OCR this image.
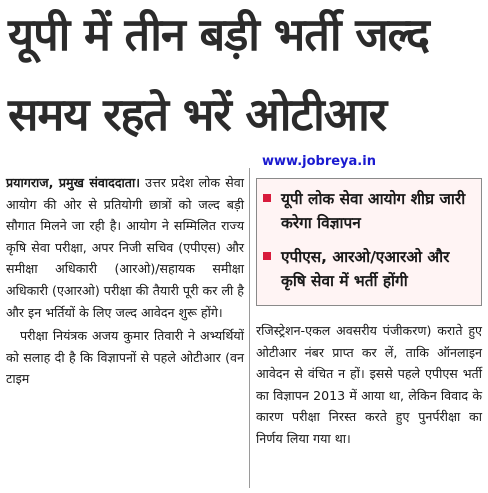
यूपी में तीन बड़ी भर्ती जल्द
समय रहते भरें ओटीआर

प्रयागराज, प्रमुख संवाददाता। उत्तर प्रदेश लोक सेवा आयोग की ओर से प्रतियोगी छात्रों को जल्द बड़ी सौगात मिलने जा रही है। आयोग ने सम्मिलित राज्य कृषि सेवा परीक्षा, अपर निजी सचिव (एपीएस) और समीक्षा अधिकारी (आरओ)/सहायक समीक्षा अधिकारी (एआरओ) परीक्षा की तैयारी पूरी कर ली है और इन भर्तियों के लिए जल्द आवेदन शुरू होंगे।

परीक्षा नियंत्रक अजय कुमार तिवारी ने अभ्यर्थियों को सलाह दी है कि विज्ञापनों से पहले ओटीआर (वन टाइम

www.jobreya.in
यूपी लोक सेवा आयोग शीघ्र जारी करेगा विज्ञापन
एपीएस, आरओ/एआरओ और कृषि सेवा में भर्ती होंगी

रजिस्ट्रेशन-एकल अवसरीय पंजीकरण) कराते हुए ओटीआर नंबर प्राप्त कर लें, ताकि ऑनलाइन आवेदन से वंचित न हों। इससे पहले एपीएस भर्ती का विज्ञापन 2013 में आया था, लेकिन विवाद के कारण परीक्षा निरस्त करते हुए पुनर्परीक्षा का निर्णय लिया गया था।
